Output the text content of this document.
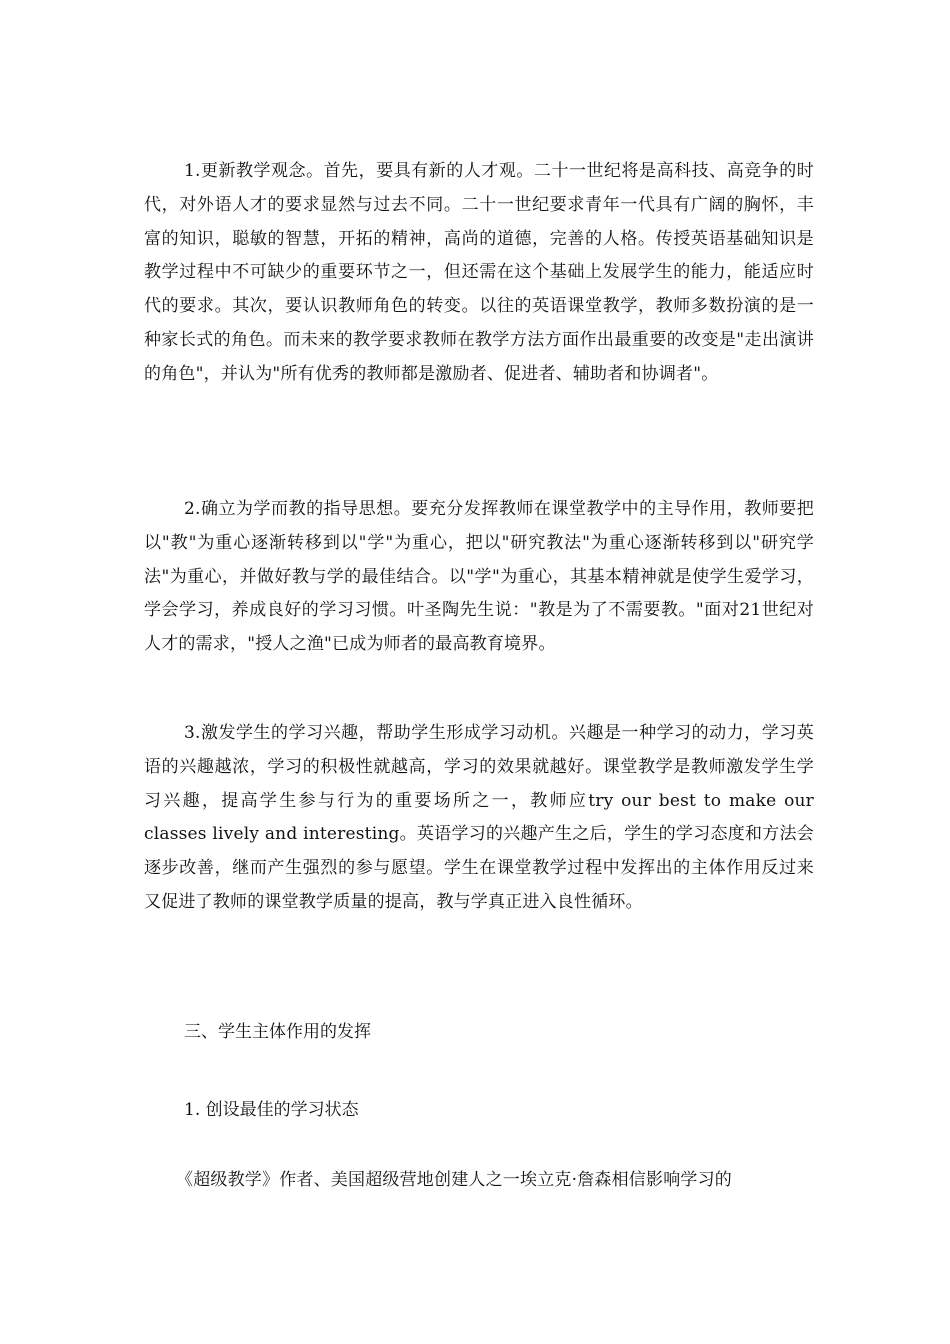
1.更新教学观念。首先，要具有新的人才观。二十一世纪将是高科技、高竞争的时代，对外语人才的要求显然与过去不同。二十一世纪要求青年一代具有广阔的胸怀，丰富的知识，聪敏的智慧，开拓的精神，高尚的道德，完善的人格。传授英语基础知识是教学过程中不可缺少的重要环节之一，但还需在这个基础上发展学生的能力，能适应时代的要求。其次，要认识教师角色的转变。以往的英语课堂教学，教师多数扮演的是一种家长式的角色。而未来的教学要求教师在教学方法方面作出最重要的改变是"走出演讲的角色"，并认为"所有优秀的教师都是激励者、促进者、辅助者和协调者"。

2.确立为学而教的指导思想。要充分发挥教师在课堂教学中的主导作用，教师要把以"教"为重心逐渐转移到以"学"为重心，把以"研究教法"为重心逐渐转移到以"研究学法"为重心，并做好教与学的最佳结合。以"学"为重心，其基本精神就是使学生爱学习，学会学习，养成良好的学习习惯。叶圣陶先生说："教是为了不需要教。"面对21世纪对人才的需求，"授人之渔"已成为师者的最高教育境界。

3.激发学生的学习兴趣，帮助学生形成学习动机。兴趣是一种学习的动力，学习英语的兴趣越浓，学习的积极性就越高，学习的效果就越好。课堂教学是教师激发学生学习兴趣，提高学生参与行为的重要场所之一，教师应try our best to make our classes lively and interesting。英语学习的兴趣产生之后，学生的学习态度和方法会逐步改善，继而产生强烈的参与愿望。学生在课堂教学过程中发挥出的主体作用反过来又促进了教师的课堂教学质量的提高，教与学真正进入良性循环。

三、学生主体作用的发挥

1. 创设最佳的学习状态

《超级教学》作者、美国超级营地创建人之一埃立克·詹森相信影响学习的
